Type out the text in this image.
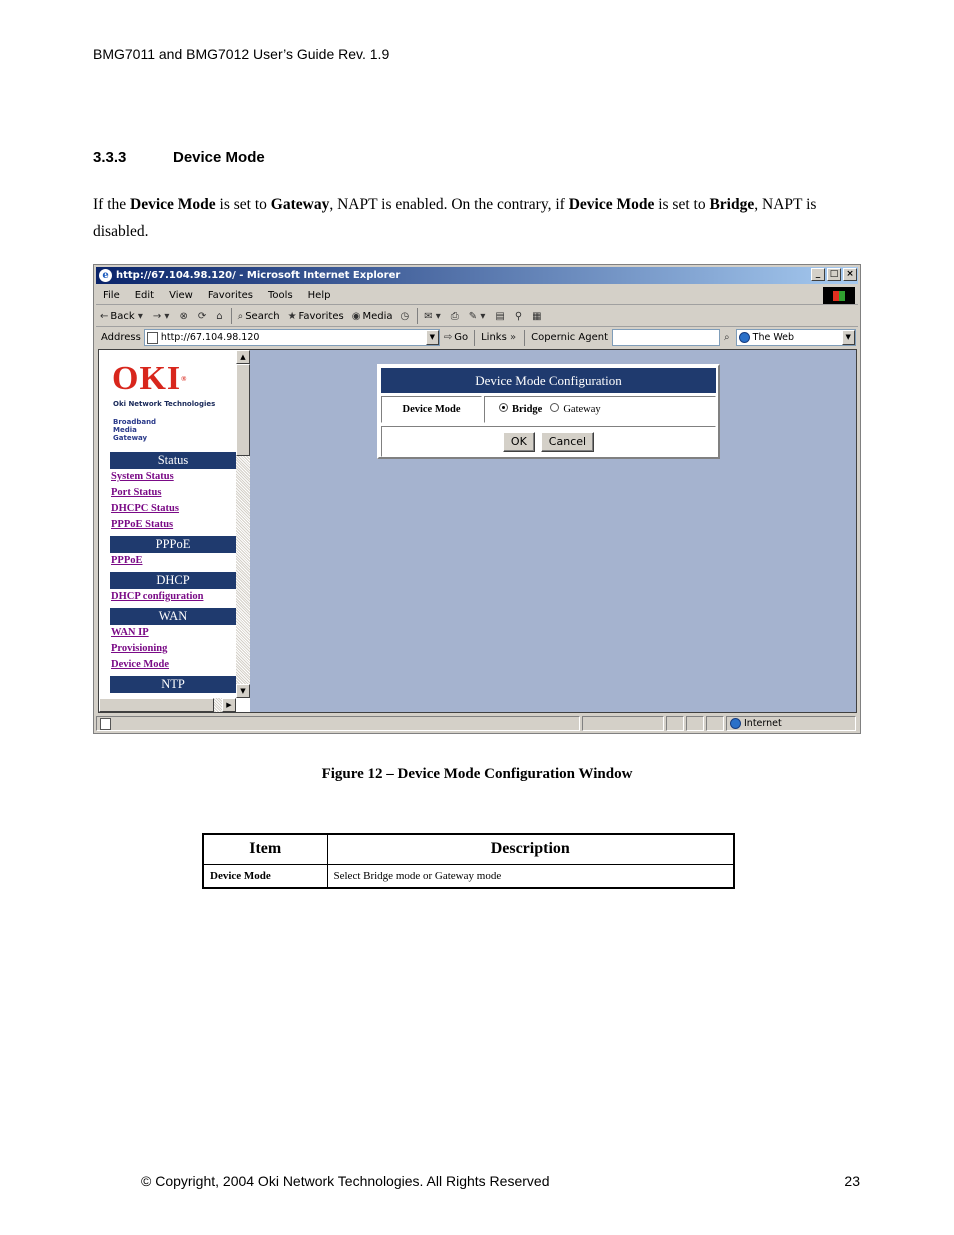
BMG7011 and BMG7012 User’s Guide Rev. 1.9
3.3.3	Device Mode

If the Device Mode is set to Gateway, NAPT is enabled. On the contrary, if Device Mode is set to Bridge, NAPT is disabled.

e http://67.104.98.120/ - Microsoft Internet Explorer	_	□ ×
File Edit View Favorites Tools Help
← Back ▾ → ▾ ⊗ ⟳ ⌂ ⌕ Search ★ Favorites ◉ Media ◷ ✉ ▾ ⎙ ✎ ▾ ▤ ⚲ ▦
Address http://67.104.98.120	▼ ⇨ Go Links » Copernic Agent	⌕ The Web	▼
OKI®
Oki Network Technologies
Broadband
Media
Gateway
Status
System Status
Port Status
DHCPC Status
PPPoE Status
PPPoE
PPPoE
DHCP
DHCP configuration
WAN
WAN IP
Provisioning
Device Mode
NTP
▲
▼
▶
Device Mode Configuration
Device Mode	Bridge Gateway
OK	Cancel
Internet
Figure 12 – Device Mode Configuration Window
Item	Description
Device Mode	Select Bridge mode or Gateway mode
© Copyright, 2004 Oki Network Technologies. All Rights Reserved	23
